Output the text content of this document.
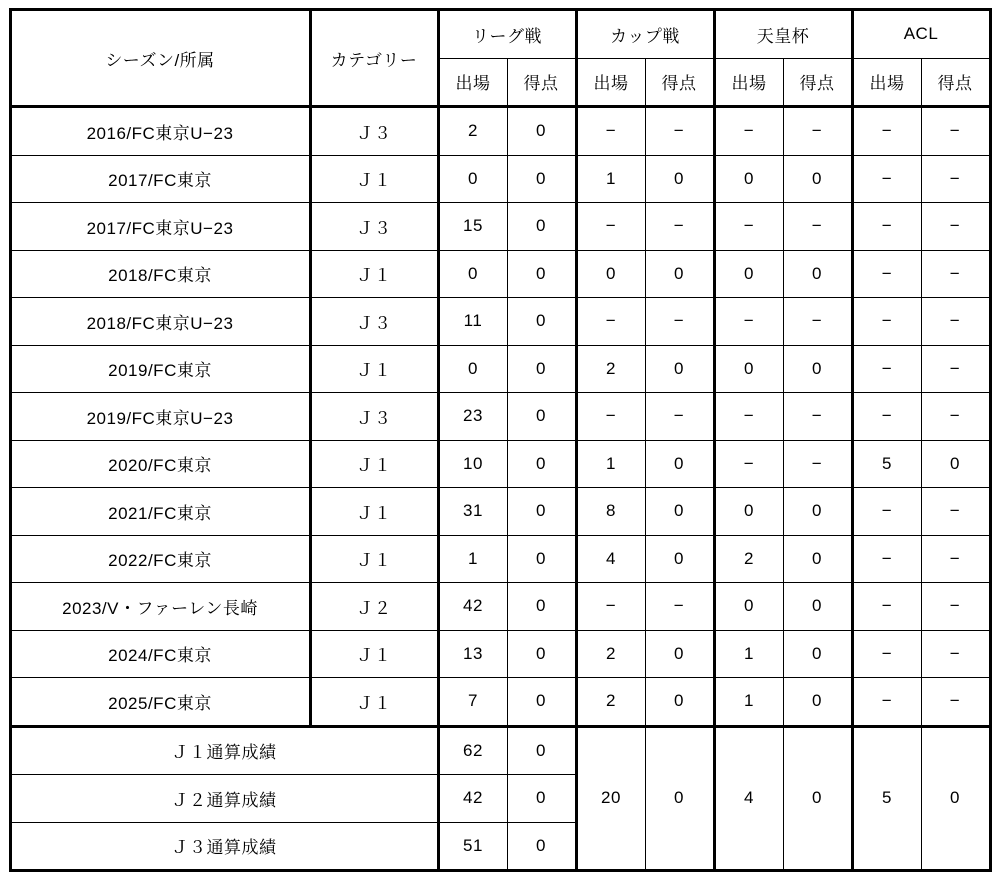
シーズン/所属	カテゴリー	リーグ戦		カップ戦		天皇杯		ACL	
		出場	得点	出場	得点	出場	得点	出場	得点
2016/FC東京U−23	Ｊ３	2	0	−	−	−	−	−	−
2017/FC東京	Ｊ１	0	0	1	0	0	0	−	−
2017/FC東京U−23	Ｊ３	15	0	−	−	−	−	−	−
2018/FC東京	Ｊ１	0	0	0	0	0	0	−	−
2018/FC東京U−23	Ｊ３	11	0	−	−	−	−	−	−
2019/FC東京	Ｊ１	0	0	2	0	0	0	−	−
2019/FC東京U−23	Ｊ３	23	0	−	−	−	−	−	−
2020/FC東京	Ｊ１	10	0	1	0	−	−	5	0
2021/FC東京	Ｊ１	31	0	8	0	0	0	−	−
2022/FC東京	Ｊ１	1	0	4	0	2	0	−	−
2023/V・ファーレン長崎	Ｊ２	42	0	−	−	0	0	−	−
2024/FC東京	Ｊ１	13	0	2	0	1	0	−	−
2025/FC東京	Ｊ１	7	0	2	0	1	0	−	−
Ｊ１通算成績		62	0	20	0	4	0	5	0
Ｊ２通算成績		42	0						
Ｊ３通算成績		51	0						
